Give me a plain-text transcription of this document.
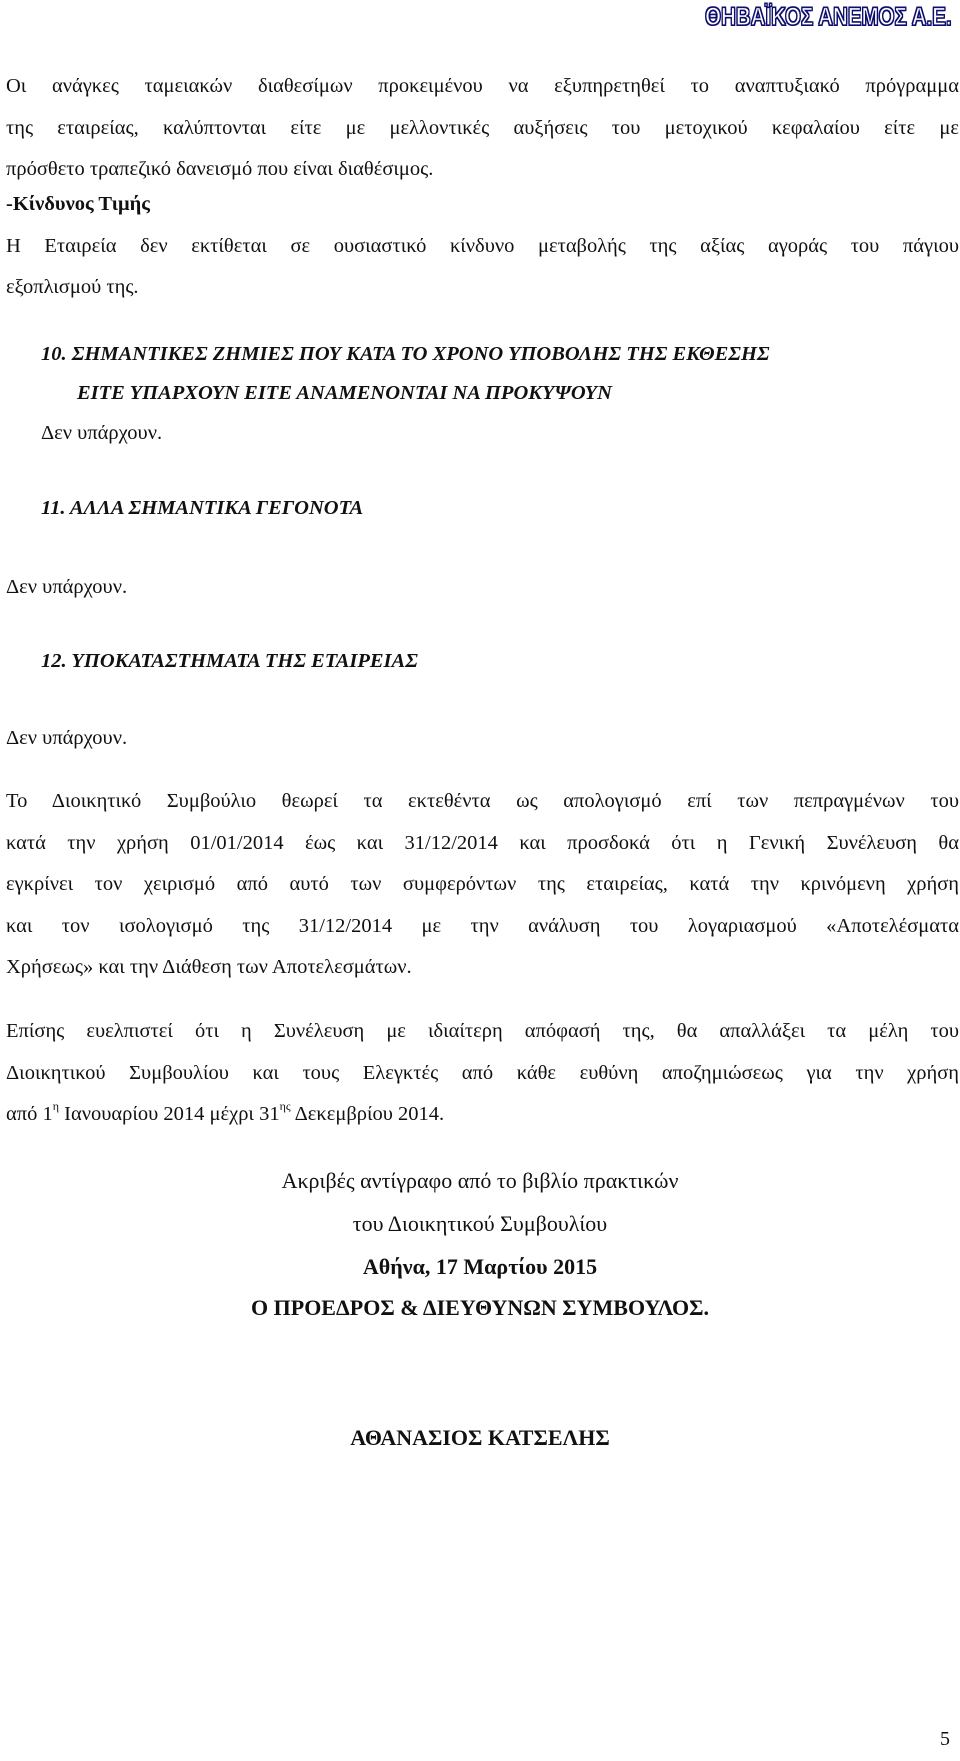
ΘΗΒΑΪΚΟΣ ΑΝΕΜΟΣ Α.Ε.
Οι ανάγκες ταμειακών διαθεσίμων προκειμένου να εξυπηρετηθεί το αναπτυξιακό πρόγραμμα
της εταιρείας, καλύπτονται είτε με μελλοντικές αυξήσεις του μετοχικού κεφαλαίου είτε με
πρόσθετο τραπεζικό δανεισμό που είναι διαθέσιμος.
-Κίνδυνος Τιμής
Η Εταιρεία δεν εκτίθεται σε ουσιαστικό κίνδυνο μεταβολής της αξίας αγοράς του πάγιου
εξοπλισμού της.
10. ΣΗΜΑΝΤΙΚΕΣ ΖΗΜΙΕΣ ΠΟΥ ΚΑΤΑ ΤΟ ΧΡΟΝΟ ΥΠΟΒΟΛΗΣ ΤΗΣ ΕΚΘΕΣΗΣ
ΕΙΤΕ ΥΠΑΡΧΟΥΝ ΕΙΤΕ ΑΝΑΜΕΝΟΝΤΑΙ ΝΑ ΠΡΟΚΥΨΟΥΝ
Δεν υπάρχουν.
11. ΑΛΛΑ ΣΗΜΑΝΤΙΚΑ ΓΕΓΟΝΟΤΑ
Δεν υπάρχουν.
12. ΥΠΟΚΑΤΑΣΤΗΜΑΤΑ ΤΗΣ ΕΤΑΙΡΕΙΑΣ
Δεν υπάρχουν.
Το Διοικητικό Συμβούλιο θεωρεί τα εκτεθέντα ως απολογισμό επί των πεπραγμένων του
κατά την χρήση 01/01/2014 έως και 31/12/2014 και προσδοκά ότι η Γενική Συνέλευση θα
εγκρίνει τον χειρισμό από αυτό των συμφερόντων της εταιρείας, κατά την κρινόμενη χρήση
και τον ισολογισμό της 31/12/2014 με την ανάλυση του λογαριασμού «Αποτελέσματα
Χρήσεως» και την Διάθεση των Αποτελεσμάτων.
Επίσης ευελπιστεί ότι η Συνέλευση με ιδιαίτερη απόφασή της, θα απαλλάξει τα μέλη του
Διοικητικού Συμβουλίου και τους Ελεγκτές από κάθε ευθύνη αποζημιώσεως για την χρήση
από $1^\eta$ Ιανουαρίου 2014 μέχρι $31^{\eta\varsigma}$ Δεκεμβρίου 2014.
Ακριβές αντίγραφο από το βιβλίο πρακτικών
του Διοικητικού Συμβουλίου
Αθήνα, 17 Μαρτίου 2015
Ο ΠΡΟΕΔΡΟΣ & ΔΙΕΥΘΥΝΩΝ ΣΥΜΒΟΥΛΟΣ.
ΑΘΑΝΑΣΙΟΣ ΚΑΤΣΕΛΗΣ
5
